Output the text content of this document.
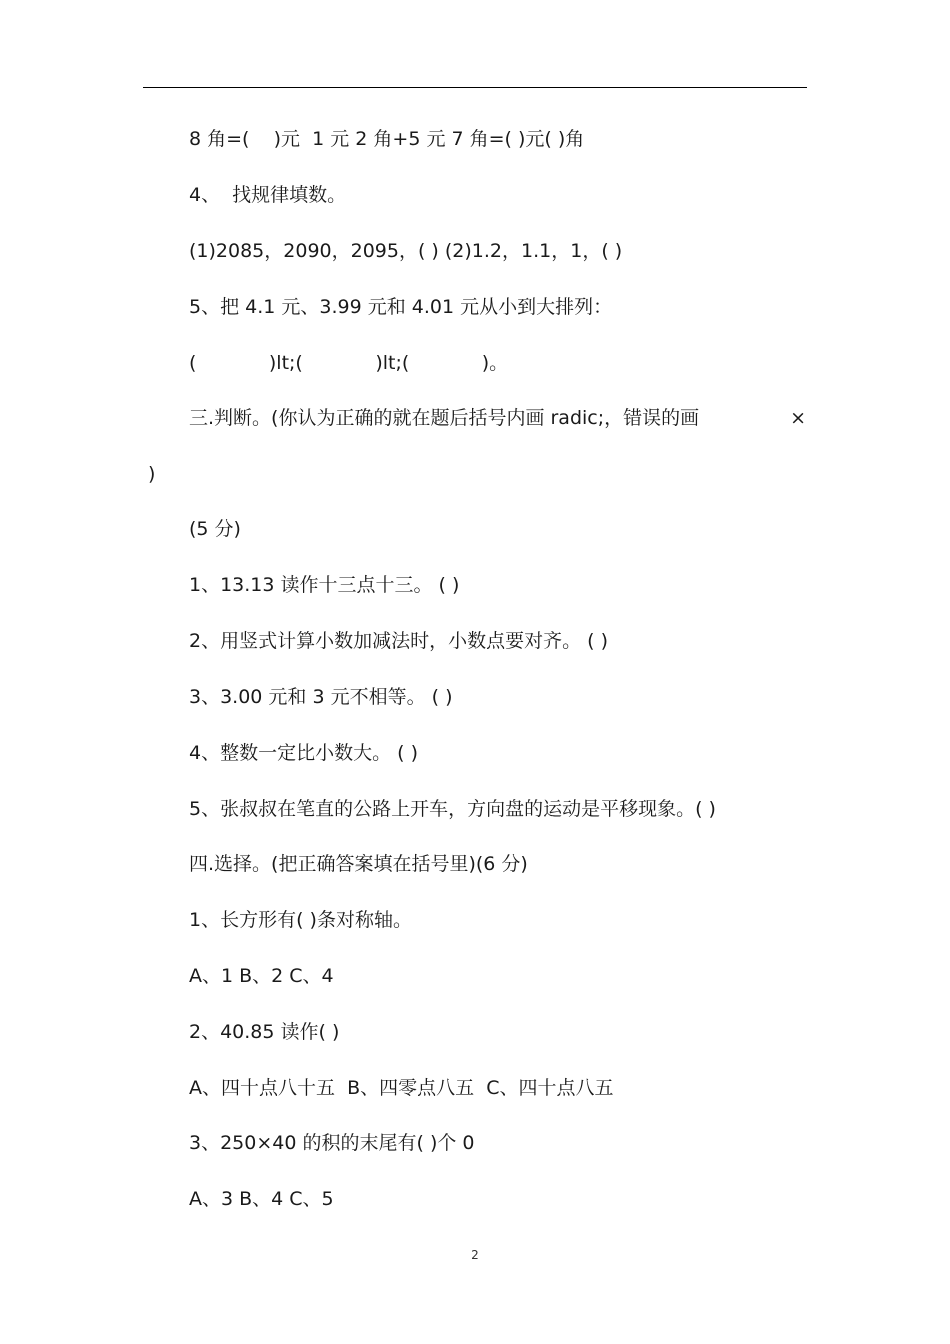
8 角=(    )元  1 元 2 角+5 元 7 角=( )元( )角
4、  找规律填数。
(1)2085，2090，2095，( ) (2)1.2，1.1，1，( )
5、把 4.1 元、3.99 元和 4.01 元从小到大排列：
(            )lt;(            )lt;(            )。
三.判断。(你认为正确的就在题后括号内画 radic;，错误的画	×
)
(5 分)
1、13.13 读作十三点十三。 ( )
2、用竖式计算小数加减法时，小数点要对齐。 ( )
3、3.00 元和 3 元不相等。 ( )
4、整数一定比小数大。 ( )
5、张叔叔在笔直的公路上开车，方向盘的运动是平移现象。( )
四.选择。(把正确答案填在括号里)(6 分)
1、长方形有( )条对称轴。
A、1 B、2 C、4
2、40.85 读作( )
A、四十点八十五  B、四零点八五  C、四十点八五
3、250×40 的积的末尾有( )个 0
A、3 B、4 C、5
2
